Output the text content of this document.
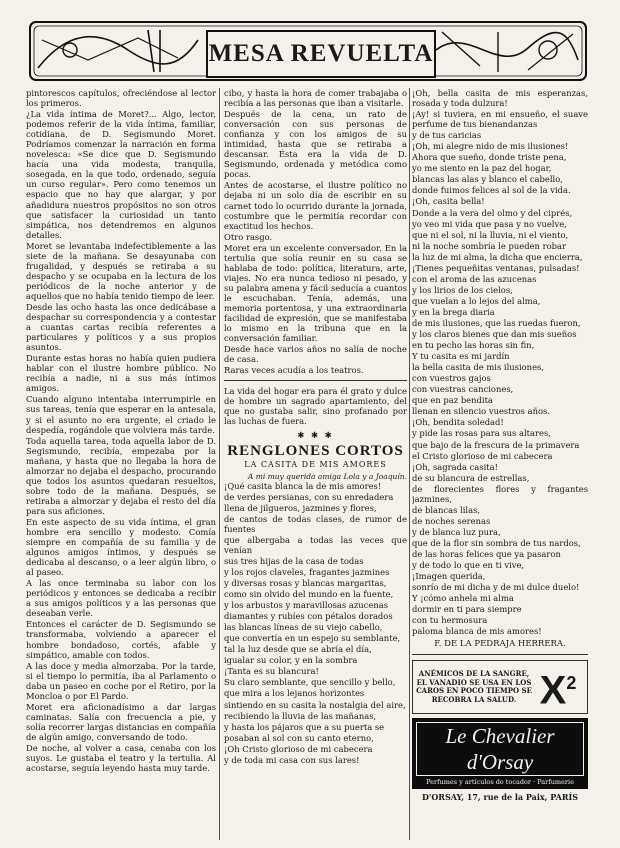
MESA REVUELTA

pintorescos capítulos, ofreciéndose al lector los primeros.

¿La vida íntima de Moret?... Algo, lector, podemos referir de la vida íntima, familiar, cotidiana, de D. Segismundo Moret. Podríamos comenzar la narración en forma novelesca: «Se dice que D. Segismundo hacía una vida modesta, tranquila, sosegada, en la que todo, ordenado, seguía un curso regular». Pero como tenemos un espacio que no hay que alargar, y por añadidura nuestros propósitos no son otros que satisfacer la curiosidad un tanto simpática, nos detendremos en algunos detalles.

Moret se levantaba indefectiblemente a las siete de la mañana. Se desayunaba con frugalidad, y después se retiraba a su despacho y se ocupaba en la lectura de los periódicos de la noche anterior y de aquellos que no había tenido tiempo de leer.

Desde las ocho hasta las once dedicábase a despachar su correspondencia y a contestar a cuantas cartas recibía referentes a particulares y políticos y a sus propios asuntos.

Durante estas horas no había quien pudiera hablar con el ilustre hombre público. No recibía a nadie, ni a sus más íntimos amigos.

Cuando alguno intentaba interrumpirle en sus tareas, tenía que esperar en la antesala, y si el asunto no era urgente, el criado le despedía, rogándole que volviera más tarde.

Toda aquella tarea, toda aquella labor de D. Segismundo, recibía, empezaba por la mañana, y hasta que no llegaba la hora de almorzar no dejaba el despacho, procurando que todos los asuntos quedaran resueltos, sobre todo de la mañana. Después, se retiraba a almorzar y dejaba el resto del día para sus aficiones.

En este aspecto de su vida íntima, el gran hombre era sencillo y modesto. Comía siempre en compañía de su familia y de algunos amigos íntimos, y después se dedicaba al descanso, o a leer algún libro, o al paseo.

A las once terminaba su labor con los periódicos y entonces se dedicaba a recibir a sus amigos políticos y a las personas que deseaban verle.

Entonces el carácter de D. Segismundo se transformaba, volviendo a aparecer el hombre bondadoso, cortés, afable y simpático, amable con todos.

A las doce y media almorzaba. Por la tarde, si el tiempo lo permitía, iba al Parlamento o daba un paseo en coche por el Retiro, por la Moncloa o por El Pardo.

Moret era aficionadísimo a dar largas caminatas. Salía con frecuencia a pie, y solía recorrer largas distancias en compañía de algún amigo, conversando de todo.

De noche, al volver a casa, cenaba con los suyos. Le gustaba el teatro y la tertulia. Al acostarse, seguía leyendo hasta muy tarde.

cibo, y hasta la hora de comer trabajaba o recibía a las personas que iban a visitarle.

Después de la cena, un rato de conversación con sus personas de confianza y con los amigos de su intimidad, hasta que se retiraba a descansar. Ésta era la vida de D. Segismundo, ordenada y metódica como pocas.

Antes de acostarse, el ilustre político no dejaba ni un solo día de escribir en su carnet todo lo ocurrido durante la jornada, costumbre que le permitía recordar con exactitud los hechos.

Otro rasgo.

Moret era un excelente conversador. En la tertulia que solía reunir en su casa se hablaba de todo: política, literatura, arte, viajes. No era nunca tedioso ni pesado, y su palabra amena y fácil seducía a cuantos le escuchaban. Tenía, además, una memoria portentosa, y una extraordinaria facilidad de expresión, que se manifestaba lo mismo en la tribuna que en la conversación familiar.

Desde hace varios años no salía de noche de casa.

Raras veces acudía a los teatros.

La vida del hogar era para él grato y dulce de hombre un sagrado apartamiento, del que no gustaba salir, sino profanado por las luchas de fuera.

✱ ✱ ✱
RENGLONES CORTOS
LA CASITA DE MIS AMORES
A mi muy querida amiga Lola y a Joaquín.

¡Qué casita blanca la de mis amores!

de verdes persianas, con su enredadera

llena de jilgueros, jazmines y flores,

de cantos de todas clases, de rumor de fuentes

que albergaba a todas las veces que venían

sus tres hijas de la casa de todas

y los rojos claveles, fragantes jazmines

y diversas rosas y blancas margaritas,

como sin olvido del mundo en la fuente,

y los arbustos y maravillosas azucenas

diamantes y rubíes con pétalos dorados

las blancas líneas de su viejo cabello,

que convertía en un espejo su semblante,

tal la luz desde que se abría el día,

igualar su color, y en la sombra

¡Tanta es su blancura!

Su claro semblante, que sencillo y bello,

que mira a los lejanos horizontes

sintiendo en su casita la nostalgia del aire,

recibiendo la lluvia de las mañanas,

y hasta los pájaros que a su puerta se

posaban al sol con su canto eterno,

¡Oh Cristo glorioso de mi cabecera

y de toda mi casa con sus lares!

¡Oh, bella casita de mis esperanzas, rosada y toda dulzura!

¡Ay! si tuviera, en mi ensueño, el suave perfume de tus bienandanzas

y de tus caricias

¡Oh, mi alegre nido de mis ilusiones!

Ahora que sueño, donde triste pena,

yo me siento en la paz del hogar,

blancas las alas y blanco el cabello,

donde fuimos felices al sol de la vida.

¡Oh, casita bella!

Donde a la vera del olmo y del ciprés,

yo veo mi vida que pasa y no vuelve,

que ni el sol, ni la lluvia, ni el viento,

ni la noche sombría le pueden robar

la luz de mi alma, la dicha que encierra,

¡Tienes pequeñitas ventanas, pulsadas!

con el aroma de las azucenas

y los lirios de los cielos,

que vuelan a lo lejos del alma,

y en la brega diaria

de mis ilusiones, que las ruedas fueron,

y los claros bienes que dan mis sueños

en tu pecho las horas sin fin,

Y tu casita es mi jardín

la bella casita de mis ilusiones,

con vuestros gajos

con vuestras canciones,

que en paz bendita

llenan en silencio vuestros años.

¡Oh, bendita soledad!

y pide las rosas para sus altares,

que bajo de la frescura de la primavera

el Cristo glorioso de mi cabecera

¡Oh, sagrada casita!

de su blancura de estrellas,

de florecientes flores y fragantes jazmines,

de blancas lilas,

de noches serenas

y de blanca luz pura,

que de la flor sin sombra de tus nardos,

de las horas felices que ya pasaron

y de todo lo que en ti vive,

¡Imagen querida,

sonrío de mi dicha y de mi dulce duelo!

Y ¡cómo anhela mi alma

dormir en ti para siempre

con tu hermosura

paloma blanca de mis amores!

F. DE LA PEDRAJA HERRERA.
ANÉMICOS DE LA SANGRE, EL VANADIO SE USA EN LOS CAROS EN POCO TIEMPO SE RECOBRA LA SALUD. $X^2$
Le Chevalier d'Orsay
Perfumes y artículos de tocador · Parfumerie
D'ORSAY, 17, rue de la Paix, PARÍS
